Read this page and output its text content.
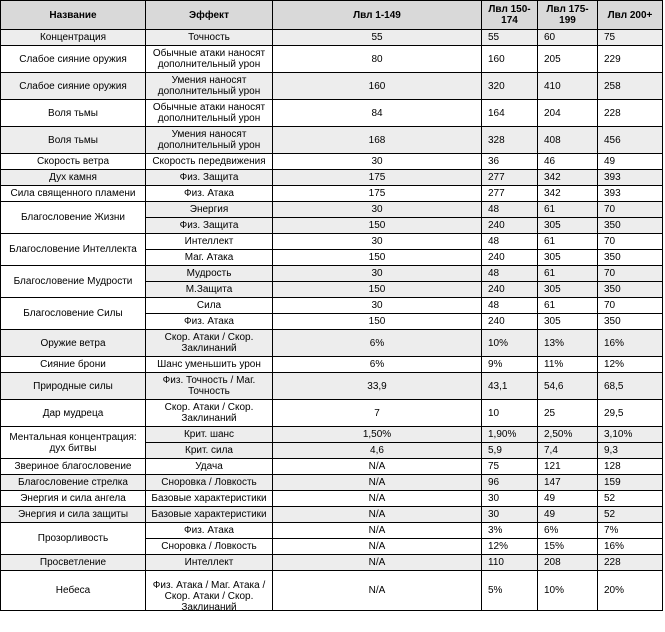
Название	Эффект	Лвл 1-149	Лвл 150-174	Лвл 175-199	Лвл 200+

Концентрация	Точность	55	55	60	75

Слабое сияние оружия	Обычные атаки наносят дополнительный урон	80	160	205	229

Слабое сияние оружия	Умения наносят дополнительный урон	160	320	410	258

Воля тьмы	Обычные атаки наносят дополнительный урон	84	164	204	228

Воля тьмы	Умения наносят дополнительный урон	168	328	408	456

Скорость ветра	Скорость передвижения	30	36	46	49

Дух камня	Физ. Защита	175	277	342	393

Сила священного пламени	Физ. Атака	175	277	342	393

Благословение Жизни	Энергия	30	48	61	70

	Физ. Защита	150	240	305	350

Благословение Интеллекта	Интеллект	30	48	61	70

	Маг. Атака	150	240	305	350

Благословение Мудрости	Мудрость	30	48	61	70

	М.Защита	150	240	305	350

Благословение Силы	Сила	30	48	61	70

	Физ. Атака	150	240	305	350

Оружие ветра	Скор. Атаки / Скор. Заклинаний	6%	10%	13%	16%

Сияние брони	Шанс уменьшить урон	6%	9%	11%	12%

Природные силы	Физ. Точность / Маг. Точность	33,9	43,1	54,6	68,5

Дар мудреца	Скор. Атаки / Скор. Заклинаний	7	10	25	29,5

Ментальная концентрация: дух битвы	Крит. шанс	1,50%	1,90%	2,50%	3,10%

	Крит. сила	4,6	5,9	7,4	9,3

Звериное благословение	Удача	N/A	75	121	128

Благословение стрелка	Сноровка / Ловкость	N/A	96	147	159

Энергия и сила ангела	Базовые характеристики	N/A	30	49	52

Энергия и сила защиты	Базовые характеристики	N/A	30	49	52

Прозорливость	Физ. Атака	N/A	3%	6%	7%

	Сноровка / Ловкость	N/A	12%	15%	16%

Просветление	Интеллект	N/A	110	208	228

Небеса	Физ. Атака / Маг. Атака / Скор. Атаки / Скор. Заклинаний	N/A	5%	10%	20%
